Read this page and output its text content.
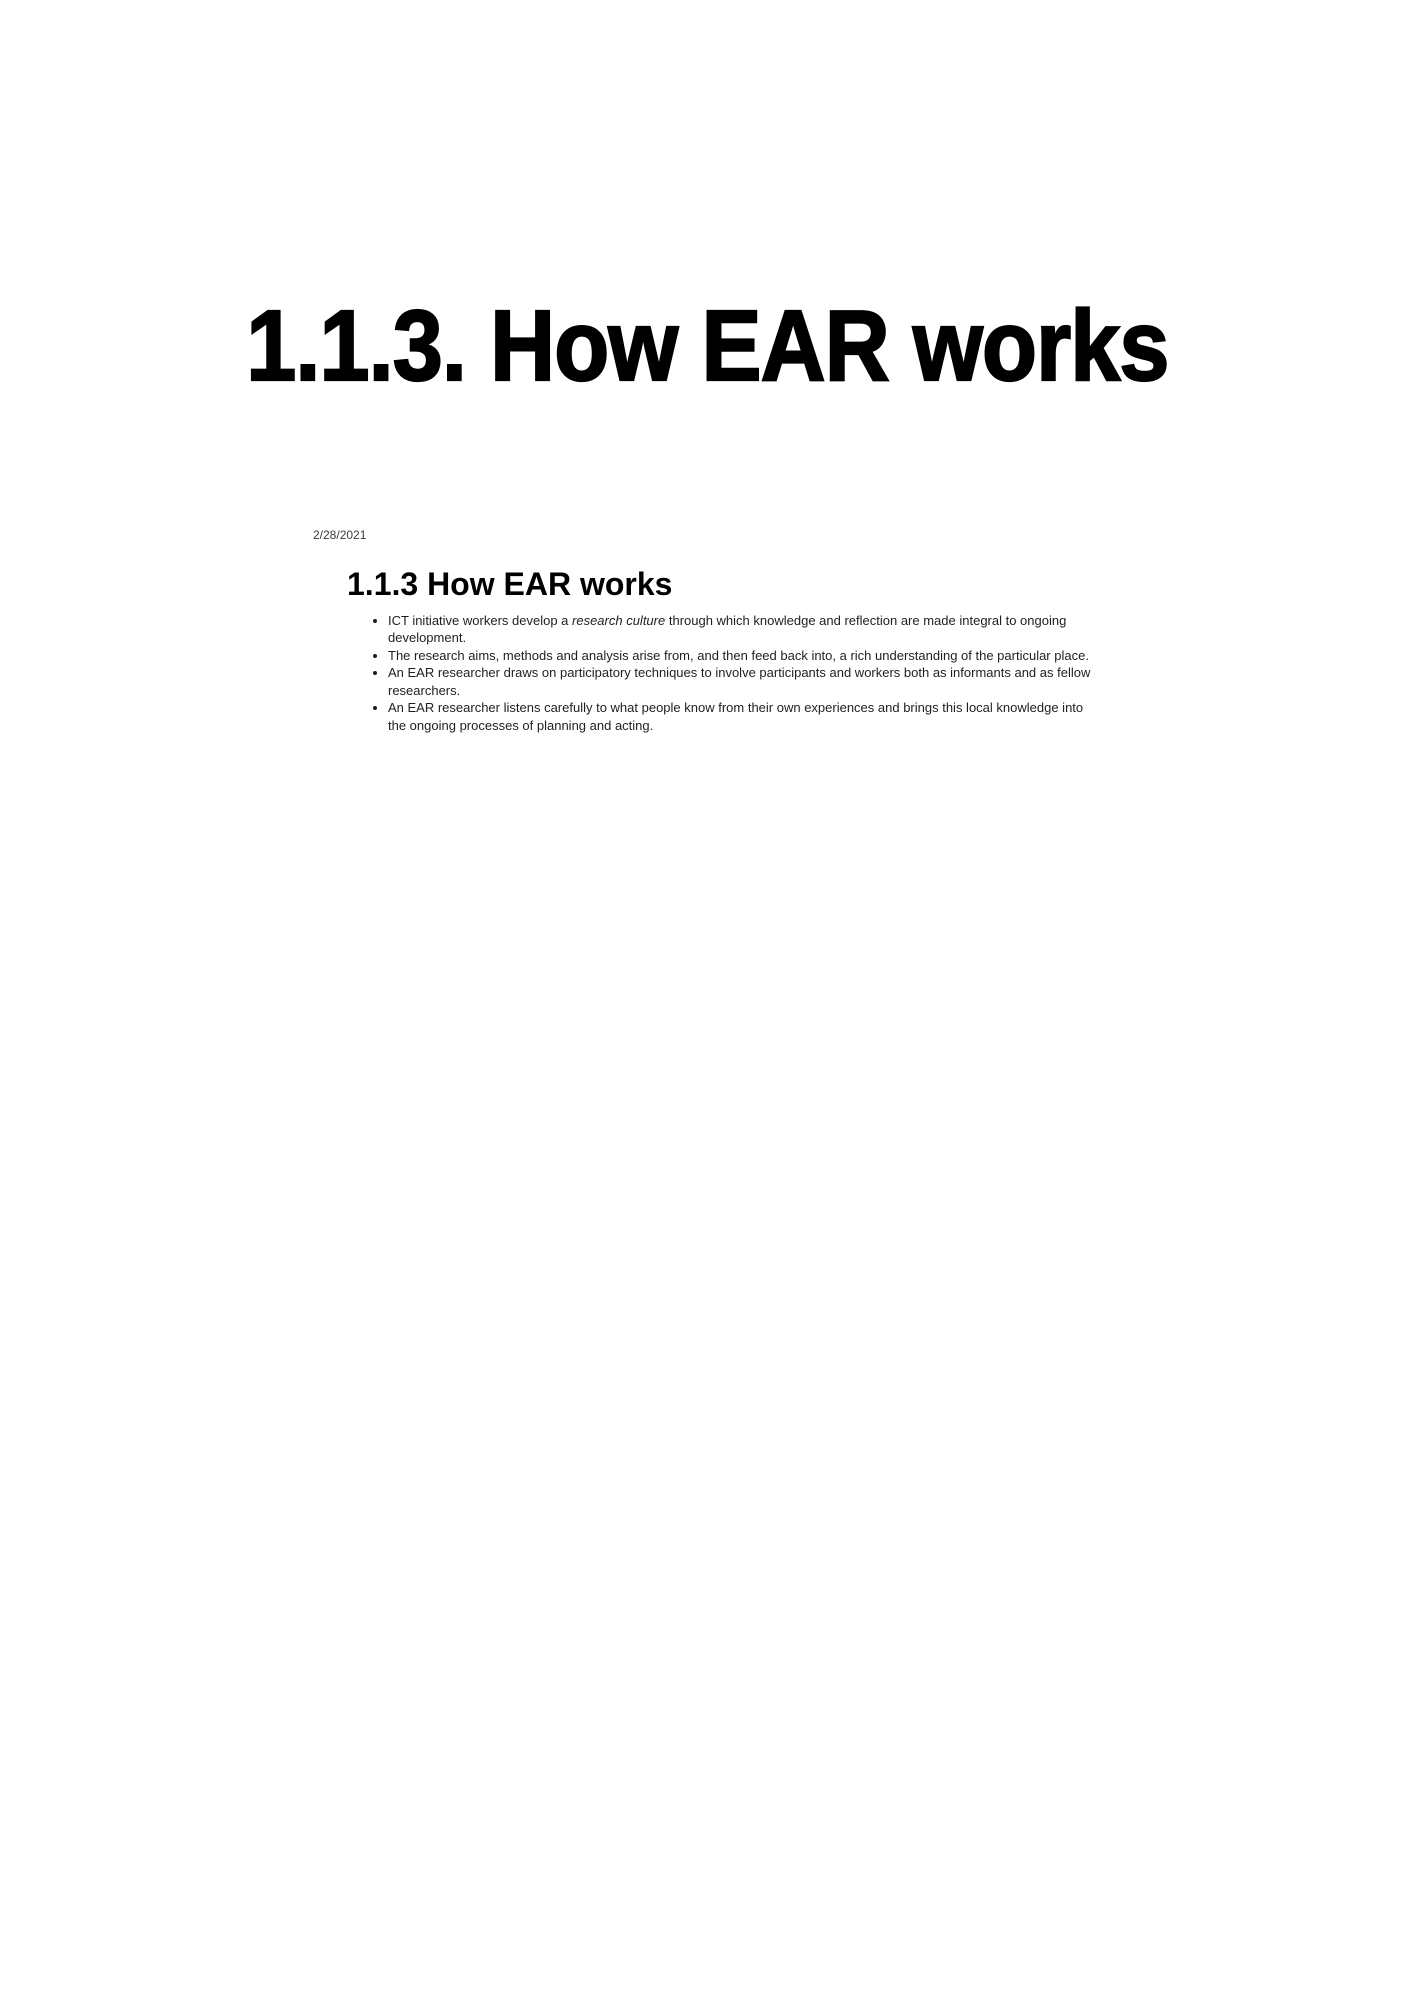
1.1.3. How EAR works
2/28/2021
1.1.3 How EAR works
• ICT initiative workers develop a research culture through which knowledge and reflection are made integral to ongoing development.
• The research aims, methods and analysis arise from, and then feed back into, a rich understanding of the particular place.
• An EAR researcher draws on participatory techniques to involve participants and workers both as informants and as fellow researchers.
• An EAR researcher listens carefully to what people know from their own experiences and brings this local knowledge into the ongoing processes of planning and acting.
